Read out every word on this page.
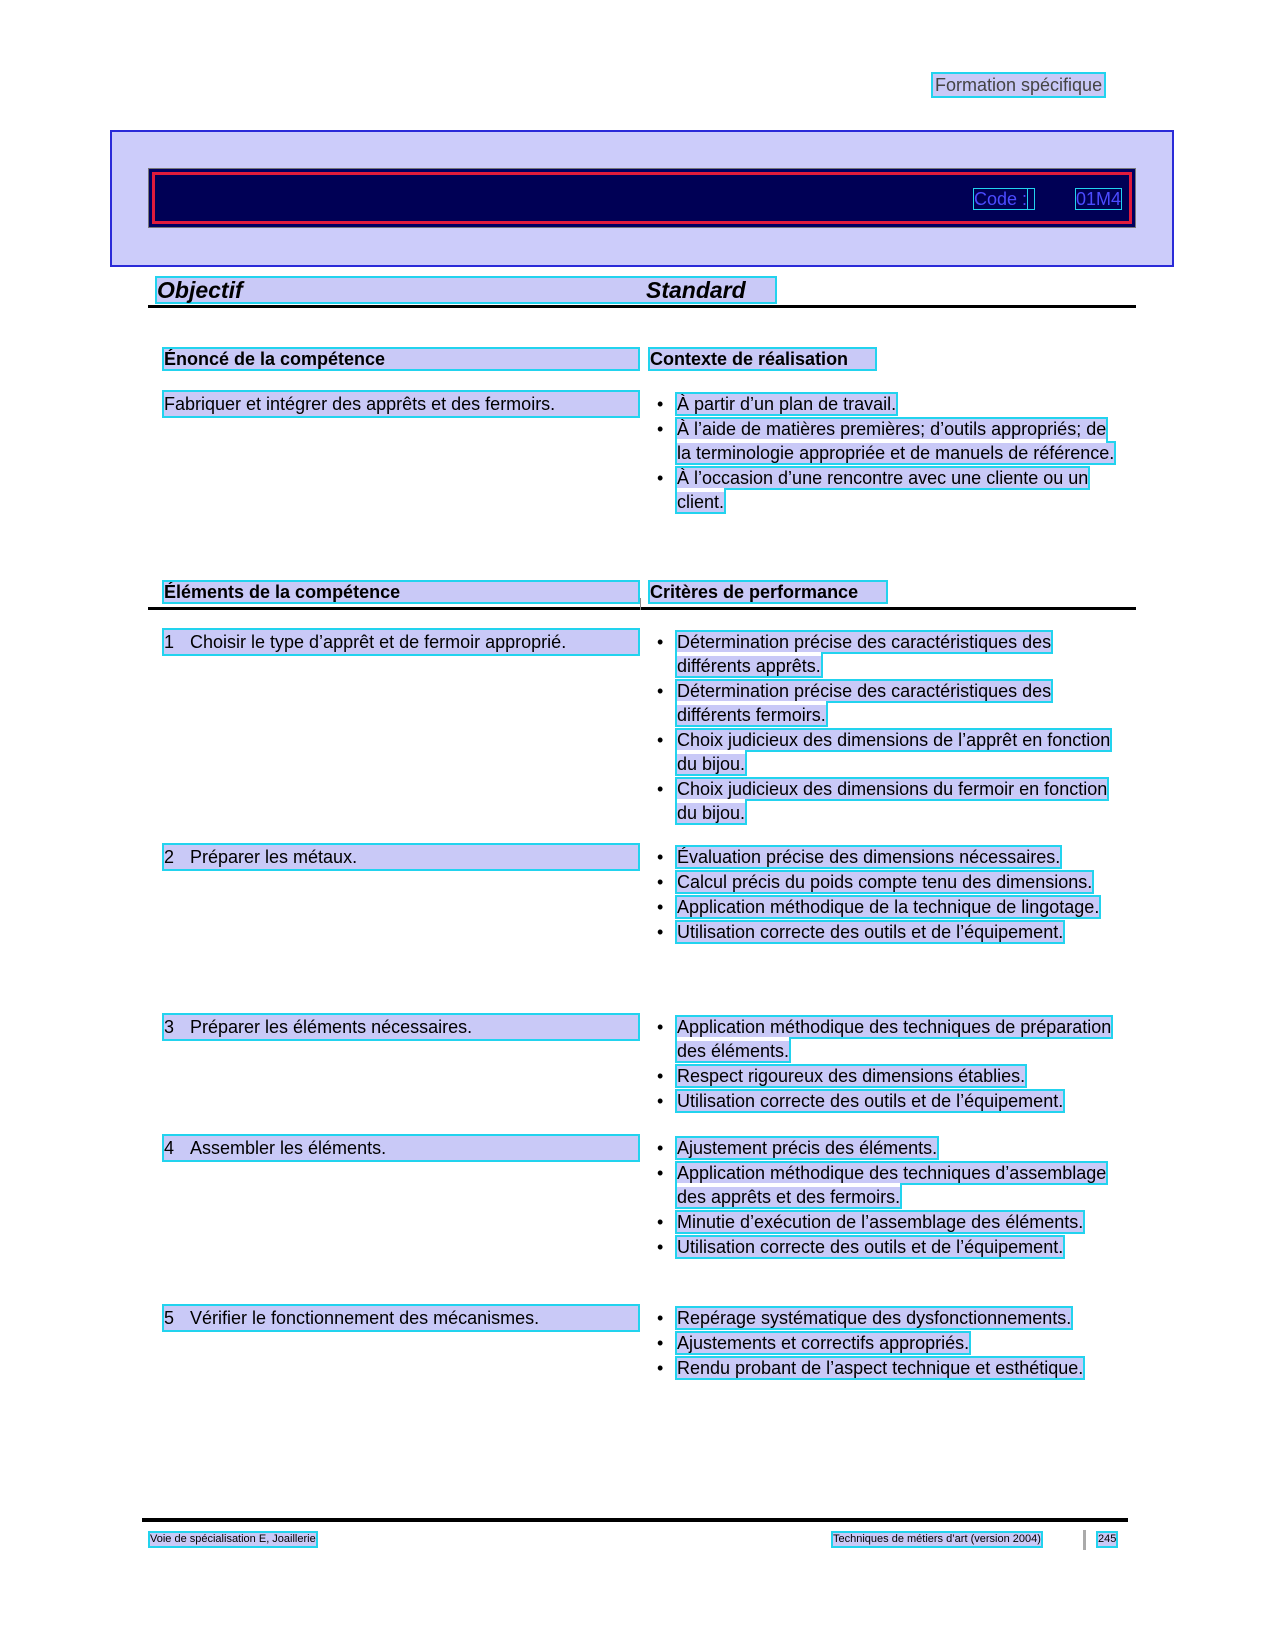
Formation spécifique
Code :	01M4
Objectif	Standard
Énoncé de la compétence	Contexte de réalisation
Fabriquer et intégrer des apprêts et des fermoirs.	• À partir d’un plan de travail.
• À l’aide de matières premières; d’outils appropriés; de la terminologie appropriée et de manuels de référence.
• À l’occasion d’une rencontre avec une cliente ou un client.
Éléments de la compétence	Critères de performance
1 Choisir le type d’apprêt et de fermoir approprié.	• Détermination précise des caractéristiques des différents apprêts.
• Détermination précise des caractéristiques des différents fermoirs.
• Choix judicieux des dimensions de l’apprêt en fonction du bijou.
• Choix judicieux des dimensions du fermoir en fonction du bijou.
2 Préparer les métaux.	• Évaluation précise des dimensions nécessaires.
• Calcul précis du poids compte tenu des dimensions.
• Application méthodique de la technique de lingotage.
• Utilisation correcte des outils et de l’équipement.
3 Préparer les éléments nécessaires.	• Application méthodique des techniques de préparation des éléments.
• Respect rigoureux des dimensions établies.
• Utilisation correcte des outils et de l’équipement.
4 Assembler les éléments.	• Ajustement précis des éléments.
• Application méthodique des techniques d’assemblage des apprêts et des fermoirs.
• Minutie d’exécution de l’assemblage des éléments.
• Utilisation correcte des outils et de l’équipement.
5 Vérifier le fonctionnement des mécanismes.	• Repérage systématique des dysfonctionnements.
• Ajustements et correctifs appropriés.
• Rendu probant de l’aspect technique et esthétique.
Voie de spécialisation E, Joaillerie	Techniques de métiers d’art (version 2004)	245
